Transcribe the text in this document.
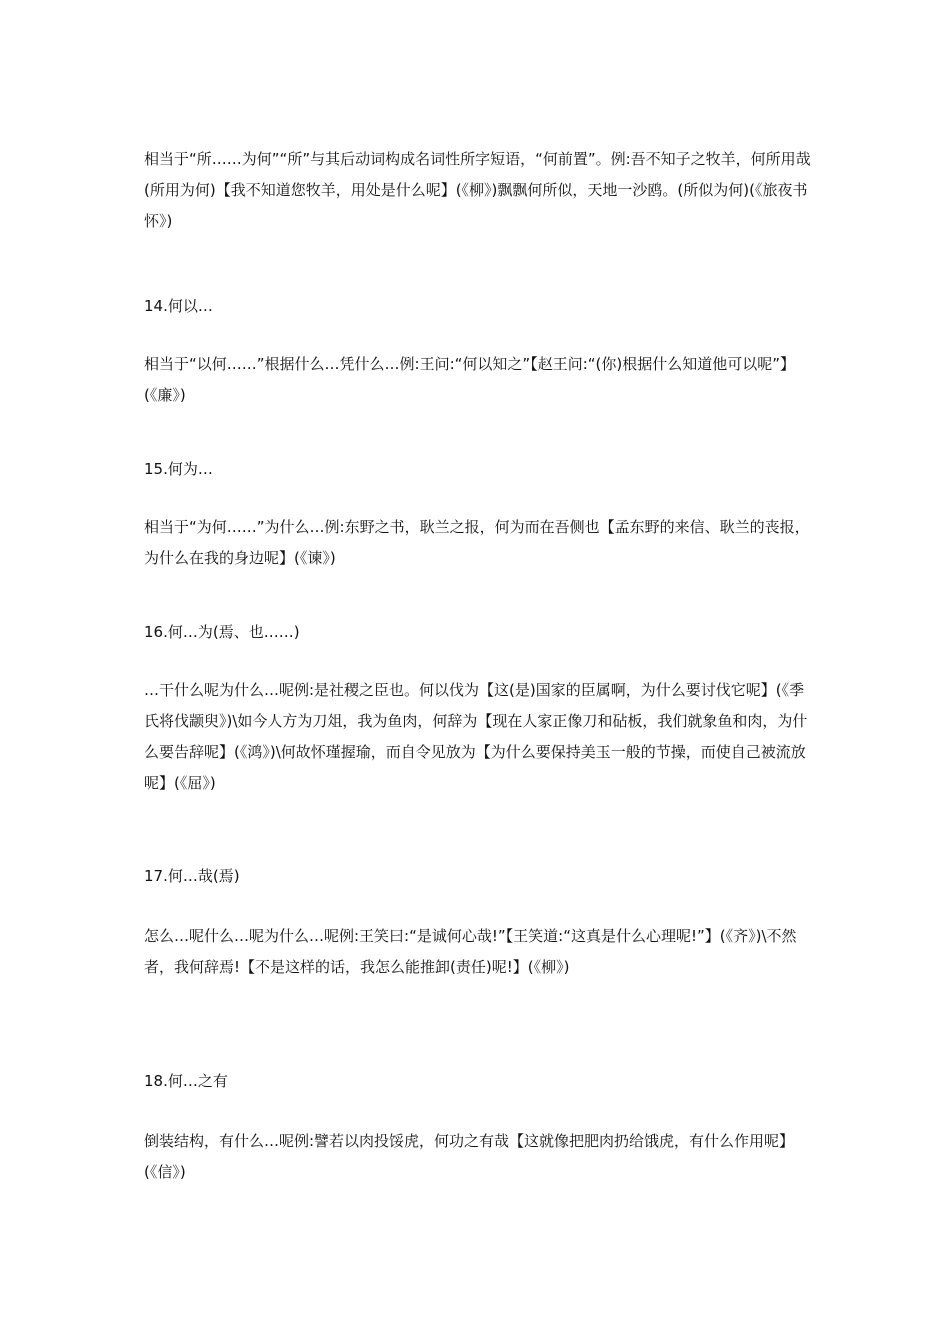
相当于“所……为何”“所”与其后动词构成名词性所字短语，“何前置”。例:吾不知子之牧羊，何所用哉(所用为何)【我不知道您牧羊，用处是什么呢】(《柳》)飘飘何所似，天地一沙鸥。(所似为何)(《旅夜书怀》)

14.何以…

相当于“以何……”根据什么…凭什么…例:王问:“何以知之”【赵王问:“(你)根据什么知道他可以呢”】(《廉》)

15.何为…

相当于“为何……”为什么…例:东野之书，耿兰之报，何为而在吾侧也【孟东野的来信、耿兰的丧报，为什么在我的身边呢】(《谏》)

16.何…为(焉、也……)

…干什么呢为什么…呢例:是社稷之臣也。何以伐为【这(是)国家的臣属啊，为什么要讨伐它呢】(《季氏将伐颛臾》)\如今人方为刀俎，我为鱼肉，何辞为【现在人家正像刀和砧板，我们就象鱼和肉，为什么要告辞呢】(《鸿》)\何故怀瑾握瑜，而自令见放为【为什么要保持美玉一般的节操，而使自己被流放呢】(《屈》)

17.何…哉(焉)

怎么…呢什么…呢为什么…呢例:王笑曰:“是诚何心哉!”【王笑道:“这真是什么心理呢!”】(《齐》)\不然者，我何辞焉!【不是这样的话，我怎么能推卸(责任)呢!】(《柳》)

18.何…之有

倒装结构，有什么…呢例:譬若以肉投馁虎，何功之有哉【这就像把肥肉扔给饿虎，有什么作用呢】(《信》)
